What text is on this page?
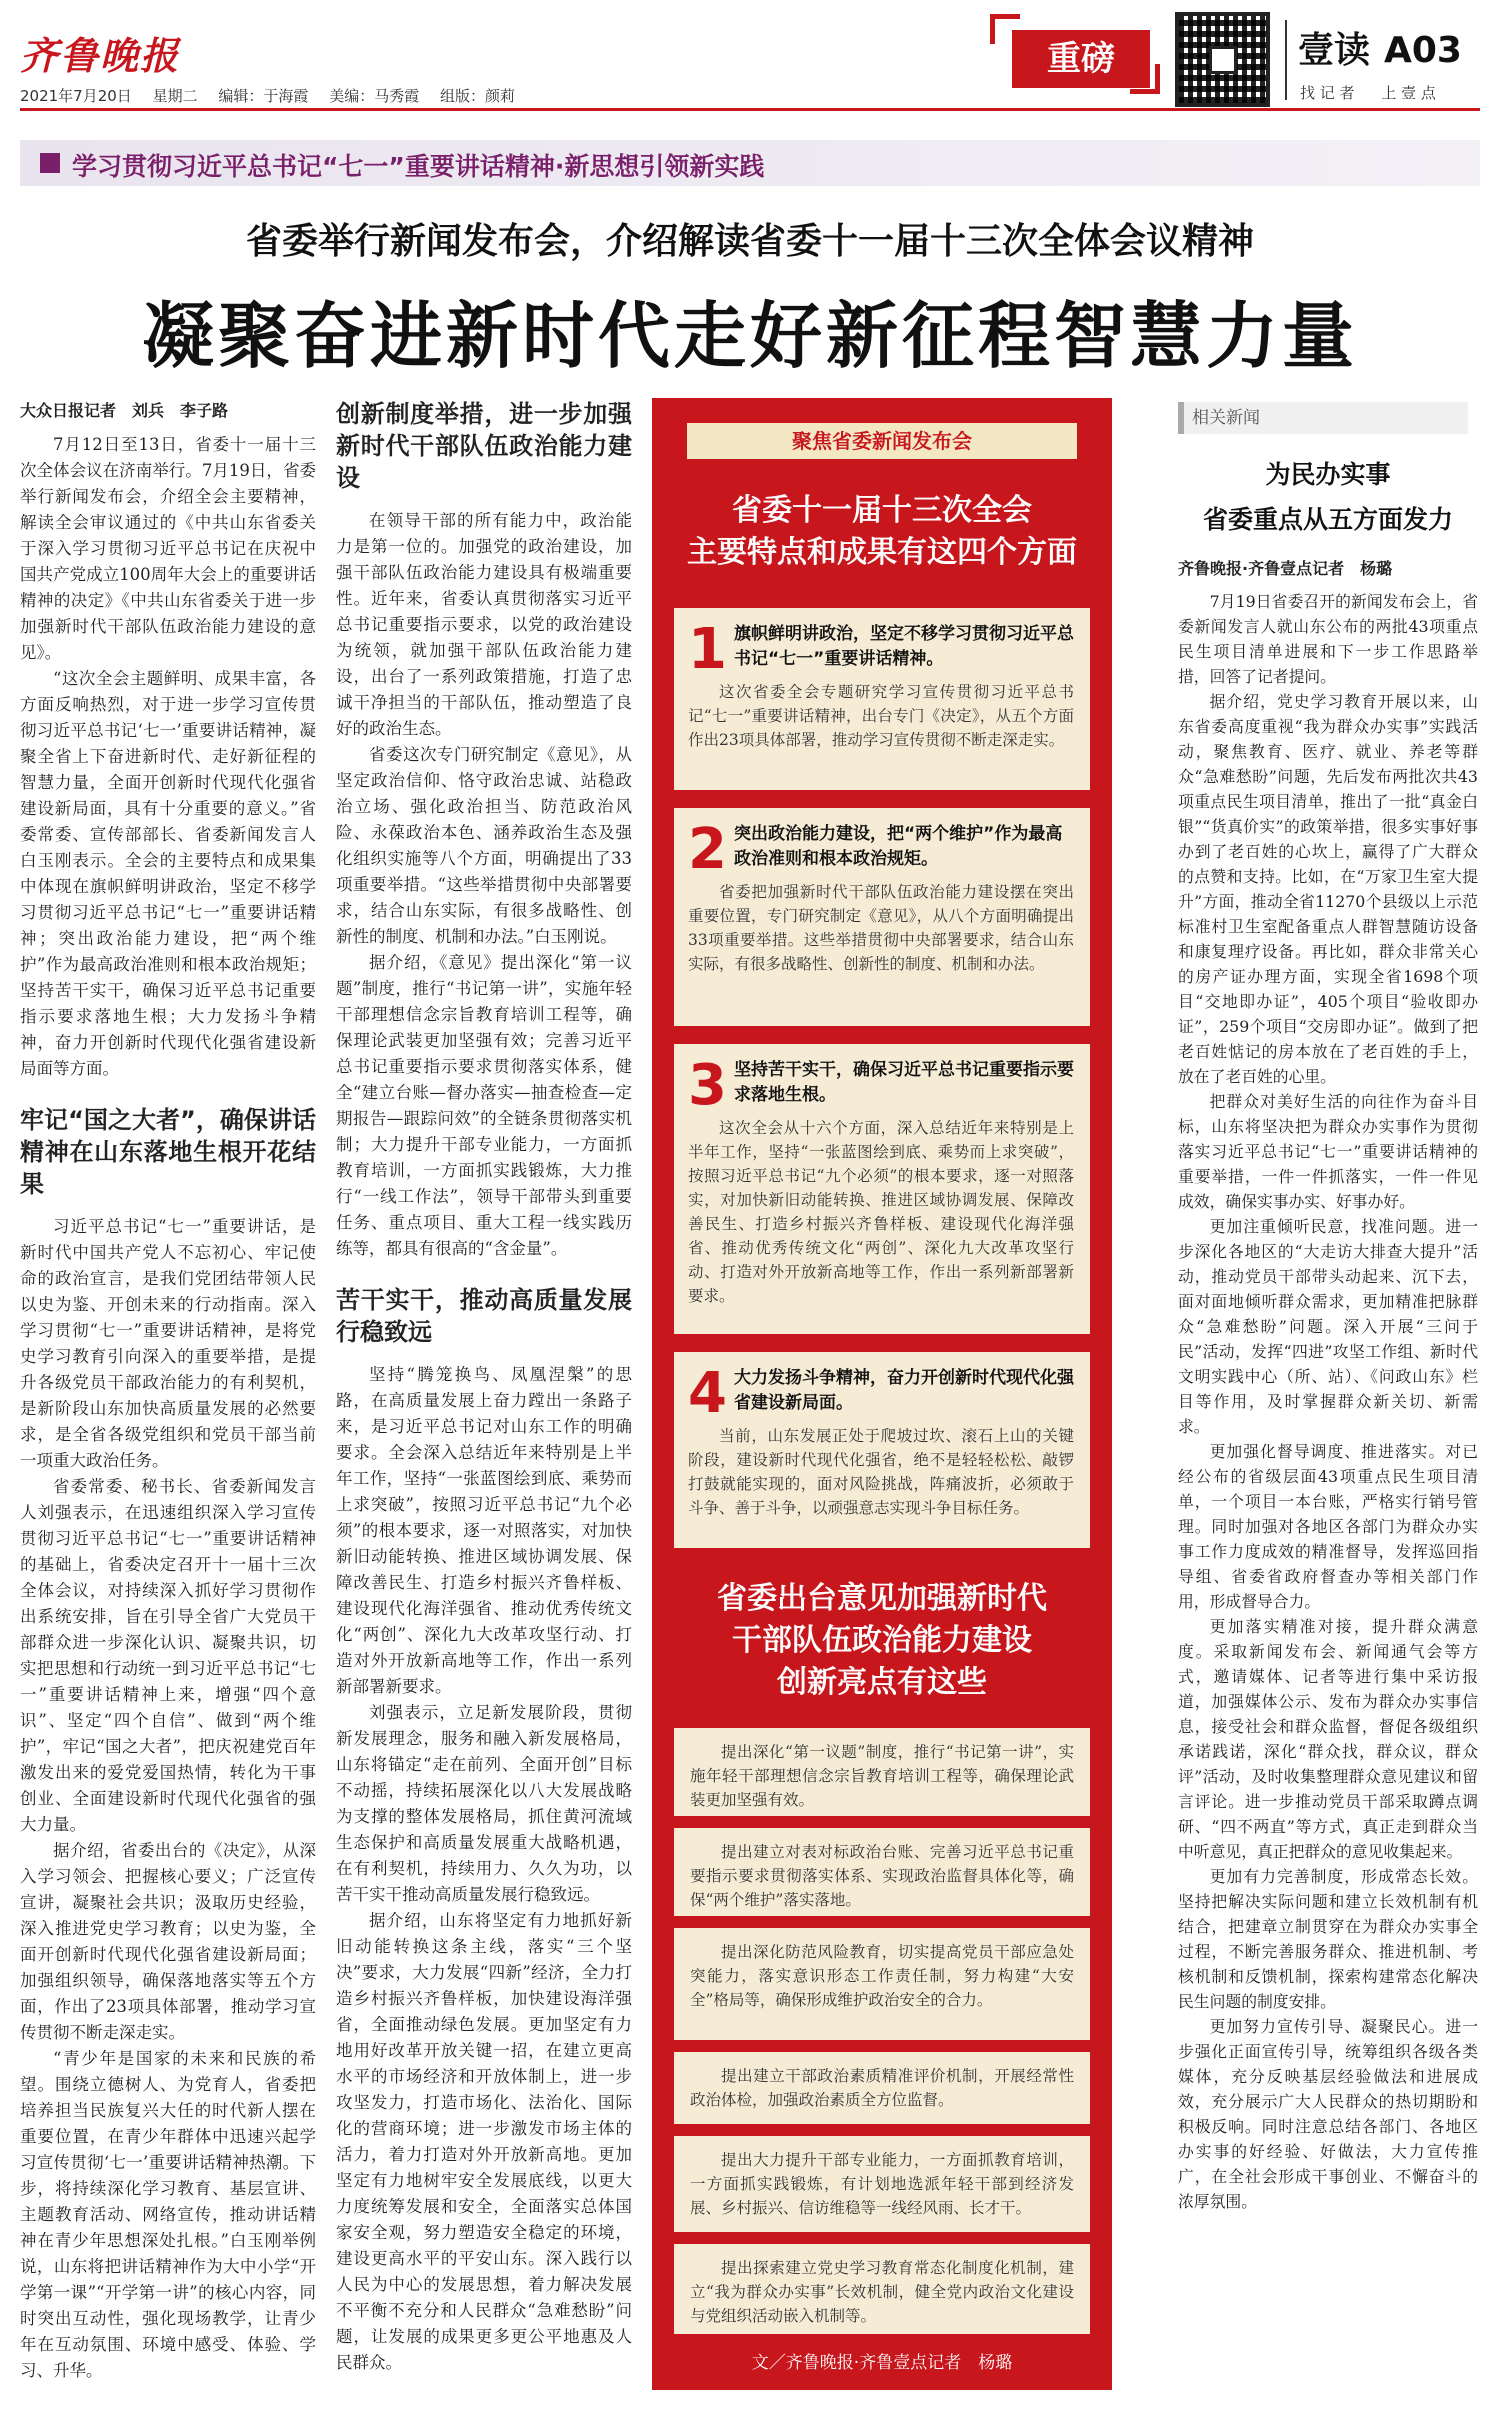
齐鲁晚报
2021年7月20日 星期二 编辑：于海霞 美编：马秀霞 组版：颜莉
重磅	壹读 A03
找 记 者 上 壹 点
学习贯彻习近平总书记“七一”重要讲话精神·新思想引领新实践
省委举行新闻发布会，介绍解读省委十一届十三次全体会议精神
凝聚奋进新时代走好新征程智慧力量
大众日报记者　刘兵　李子路

7月12日至13日，省委十一届十三次全体会议在济南举行。7月19日，省委举行新闻发布会，介绍全会主要精神，解读全会审议通过的《中共山东省委关于深入学习贯彻习近平总书记在庆祝中国共产党成立100周年大会上的重要讲话精神的决定》《中共山东省委关于进一步加强新时代干部队伍政治能力建设的意见》。

“这次全会主题鲜明、成果丰富，各方面反响热烈，对于进一步学习宣传贯彻习近平总书记‘七一’重要讲话精神，凝聚全省上下奋进新时代、走好新征程的智慧力量，全面开创新时代现代化强省建设新局面，具有十分重要的意义。”省委常委、宣传部部长、省委新闻发言人白玉刚表示。全会的主要特点和成果集中体现在旗帜鲜明讲政治，坚定不移学习贯彻习近平总书记“七一”重要讲话精神；突出政治能力建设，把“两个维护”作为最高政治准则和根本政治规矩；坚持苦干实干，确保习近平总书记重要指示要求落地生根；大力发扬斗争精神，奋力开创新时代现代化强省建设新局面等方面。

牢记“国之大者”，确保讲话精神在山东落地生根开花结果

习近平总书记“七一”重要讲话，是新时代中国共产党人不忘初心、牢记使命的政治宣言，是我们党团结带领人民以史为鉴、开创未来的行动指南。深入学习贯彻“七一”重要讲话精神，是将党史学习教育引向深入的重要举措，是提升各级党员干部政治能力的有利契机，是新阶段山东加快高质量发展的必然要求，是全省各级党组织和党员干部当前一项重大政治任务。

省委常委、秘书长、省委新闻发言人刘强表示，在迅速组织深入学习宣传贯彻习近平总书记“七一”重要讲话精神的基础上，省委决定召开十一届十三次全体会议，对持续深入抓好学习贯彻作出系统安排，旨在引导全省广大党员干部群众进一步深化认识、凝聚共识，切实把思想和行动统一到习近平总书记“七一”重要讲话精神上来，增强“四个意识”、坚定“四个自信”、做到“两个维护”，牢记“国之大者”，把庆祝建党百年激发出来的爱党爱国热情，转化为干事创业、全面建设新时代现代化强省的强大力量。

据介绍，省委出台的《决定》，从深入学习领会、把握核心要义；广泛宣传宣讲，凝聚社会共识；汲取历史经验，深入推进党史学习教育；以史为鉴，全面开创新时代现代化强省建设新局面；加强组织领导，确保落地落实等五个方面，作出了23项具体部署，推动学习宣传贯彻不断走深走实。

“青少年是国家的未来和民族的希望。围绕立德树人、为党育人，省委把培养担当民族复兴大任的时代新人摆在重要位置，在青少年群体中迅速兴起学习宣传贯彻‘七一’重要讲话精神热潮。下步，将持续深化学习教育、基层宣讲、主题教育活动、网络宣传，推动讲话精神在青少年思想深处扎根。”白玉刚举例说，山东将把讲话精神作为大中小学“开学第一课”“开学第一讲”的核心内容，同时突出互动性，强化现场教学，让青少年在互动氛围、环境中感受、体验、学习、升华。

创新制度举措，进一步加强新时代干部队伍政治能力建设

在领导干部的所有能力中，政治能力是第一位的。加强党的政治建设，加强干部队伍政治能力建设具有极端重要性。近年来，省委认真贯彻落实习近平总书记重要指示要求，以党的政治建设为统领，就加强干部队伍政治能力建设，出台了一系列政策措施，打造了忠诚干净担当的干部队伍，推动塑造了良好的政治生态。

省委这次专门研究制定《意见》，从坚定政治信仰、恪守政治忠诚、站稳政治立场、强化政治担当、防范政治风险、永葆政治本色、涵养政治生态及强化组织实施等八个方面，明确提出了33项重要举措。“这些举措贯彻中央部署要求，结合山东实际，有很多战略性、创新性的制度、机制和办法。”白玉刚说。

据介绍，《意见》提出深化“第一议题”制度，推行“书记第一讲”，实施年轻干部理想信念宗旨教育培训工程等，确保理论武装更加坚强有效；完善习近平总书记重要指示要求贯彻落实体系，健全“建立台账—督办落实—抽查检查—定期报告—跟踪问效”的全链条贯彻落实机制；大力提升干部专业能力，一方面抓教育培训，一方面抓实践锻炼，大力推行“一线工作法”，领导干部带头到重要任务、重点项目、重大工程一线实践历练等，都具有很高的“含金量”。

苦干实干，推动高质量发展行稳致远

坚持“腾笼换鸟、凤凰涅槃”的思路，在高质量发展上奋力蹚出一条路子来，是习近平总书记对山东工作的明确要求。全会深入总结近年来特别是上半年工作，坚持“一张蓝图绘到底、乘势而上求突破”，按照习近平总书记“九个必须”的根本要求，逐一对照落实，对加快新旧动能转换、推进区域协调发展、保障改善民生、打造乡村振兴齐鲁样板、建设现代化海洋强省、推动优秀传统文化“两创”、深化九大改革攻坚行动、打造对外开放新高地等工作，作出一系列新部署新要求。

刘强表示，立足新发展阶段，贯彻新发展理念，服务和融入新发展格局，山东将锚定“走在前列、全面开创”目标不动摇，持续拓展深化以八大发展战略为支撑的整体发展格局，抓住黄河流域生态保护和高质量发展重大战略机遇，在有利契机，持续用力、久久为功，以苦干实干推动高质量发展行稳致远。

据介绍，山东将坚定有力地抓好新旧动能转换这条主线，落实“三个坚决”要求，大力发展“四新”经济，全力打造乡村振兴齐鲁样板，加快建设海洋强省，全面推动绿色发展。更加坚定有力地用好改革开放关键一招，在建立更高水平的市场经济和开放体制上，进一步攻坚发力，打造市场化、法治化、国际化的营商环境；进一步激发市场主体的活力，着力打造对外开放新高地。更加坚定有力地树牢安全发展底线，以更大力度统筹发展和安全，全面落实总体国家安全观，努力塑造安全稳定的环境，建设更高水平的平安山东。深入践行以人民为中心的发展思想，着力解决发展不平衡不充分和人民群众“急难愁盼”问题，让发展的成果更多更公平地惠及人民群众。

聚焦省委新闻发布会
省委十一届十三次全会
主要特点和成果有这四个方面
1 旗帜鲜明讲政治，坚定不移学习贯彻习近平总书记“七一”重要讲话精神。
这次省委全会专题研究学习宣传贯彻习近平总书记“七一”重要讲话精神，出台专门《决定》，从五个方面作出23项具体部署，推动学习宣传贯彻不断走深走实。
2 突出政治能力建设，把“两个维护”作为最高政治准则和根本政治规矩。
省委把加强新时代干部队伍政治能力建设摆在突出重要位置，专门研究制定《意见》，从八个方面明确提出33项重要举措。这些举措贯彻中央部署要求，结合山东实际，有很多战略性、创新性的制度、机制和办法。
3 坚持苦干实干，确保习近平总书记重要指示要求落地生根。
这次全会从十六个方面，深入总结近年来特别是上半年工作，坚持“一张蓝图绘到底、乘势而上求突破”，按照习近平总书记“九个必须”的根本要求，逐一对照落实，对加快新旧动能转换、推进区域协调发展、保障改善民生、打造乡村振兴齐鲁样板、建设现代化海洋强省、推动优秀传统文化“两创”、深化九大改革攻坚行动、打造对外开放新高地等工作，作出一系列新部署新要求。
4 大力发扬斗争精神，奋力开创新时代现代化强省建设新局面。
当前，山东发展正处于爬坡过坎、滚石上山的关键阶段，建设新时代现代化强省，绝不是轻轻松松、敲锣打鼓就能实现的，面对风险挑战，阵痛波折，必须敢于斗争、善于斗争，以顽强意志实现斗争目标任务。
省委出台意见加强新时代
干部队伍政治能力建设
创新亮点有这些
提出深化“第一议题”制度，推行“书记第一讲”，实施年轻干部理想信念宗旨教育培训工程等，确保理论武装更加坚强有效。
提出建立对表对标政治台账、完善习近平总书记重要指示要求贯彻落实体系、实现政治监督具体化等，确保“两个维护”落实落地。
提出深化防范风险教育，切实提高党员干部应急处突能力，落实意识形态工作责任制，努力构建“大安全”格局等，确保形成维护政治安全的合力。
提出建立干部政治素质精准评价机制，开展经常性政治体检，加强政治素质全方位监督。
提出大力提升干部专业能力，一方面抓教育培训，一方面抓实践锻炼，有计划地选派年轻干部到经济发展、乡村振兴、信访维稳等一线经风雨、长才干。
提出探索建立党史学习教育常态化制度化机制，建立“我为群众办实事”长效机制，健全党内政治文化建设与党组织活动嵌入机制等。
文／齐鲁晚报·齐鲁壹点记者　杨璐
相关新闻
为民办实事
省委重点从五方面发力
齐鲁晚报·齐鲁壹点记者　杨璐

7月19日省委召开的新闻发布会上，省委新闻发言人就山东公布的两批43项重点民生项目清单进展和下一步工作思路举措，回答了记者提问。

据介绍，党史学习教育开展以来，山东省委高度重视“我为群众办实事”实践活动，聚焦教育、医疗、就业、养老等群众“急难愁盼”问题，先后发布两批次共43项重点民生项目清单，推出了一批“真金白银”“货真价实”的政策举措，很多实事好事办到了老百姓的心坎上，赢得了广大群众的点赞和支持。比如，在“万家卫生室大提升”方面，推动全省11270个县级以上示范标准村卫生室配备重点人群智慧随访设备和康复理疗设备。再比如，群众非常关心的房产证办理方面，实现全省1698个项目“交地即办证”，405个项目“验收即办证”，259个项目“交房即办证”。做到了把老百姓惦记的房本放在了老百姓的手上，放在了老百姓的心里。

把群众对美好生活的向往作为奋斗目标，山东将坚决把为群众办实事作为贯彻落实习近平总书记“七一”重要讲话精神的重要举措，一件一件抓落实，一件一件见成效，确保实事办实、好事办好。

更加注重倾听民意，找准问题。进一步深化各地区的“大走访大排查大提升”活动，推动党员干部带头动起来、沉下去，面对面地倾听群众需求，更加精准把脉群众“急难愁盼”问题。深入开展“三问于民”活动，发挥“四进”攻坚工作组、新时代文明实践中心（所、站）、《问政山东》栏目等作用，及时掌握群众新关切、新需求。

更加强化督导调度、推进落实。对已经公布的省级层面43项重点民生项目清单，一个项目一本台账，严格实行销号管理。同时加强对各地区各部门为群众办实事工作力度成效的精准督导，发挥巡回指导组、省委省政府督查办等相关部门作用，形成督导合力。

更加落实精准对接，提升群众满意度。采取新闻发布会、新闻通气会等方式，邀请媒体、记者等进行集中采访报道，加强媒体公示、发布为群众办实事信息，接受社会和群众监督，督促各级组织承诺践诺，深化“群众找，群众议，群众评”活动，及时收集整理群众意见建议和留言评论。进一步推动党员干部采取蹲点调研、“四不两直”等方式，真正走到群众当中听意见，真正把群众的意见收集起来。

更加有力完善制度，形成常态长效。坚持把解决实际问题和建立长效机制有机结合，把建章立制贯穿在为群众办实事全过程，不断完善服务群众、推进机制、考核机制和反馈机制，探索构建常态化解决民生问题的制度安排。

更加努力宣传引导、凝聚民心。进一步强化正面宣传引导，统筹组织各级各类媒体，充分反映基层经验做法和进展成效，充分展示广大人民群众的热切期盼和积极反响。同时注意总结各部门、各地区办实事的好经验、好做法，大力宣传推广，在全社会形成干事创业、不懈奋斗的浓厚氛围。
